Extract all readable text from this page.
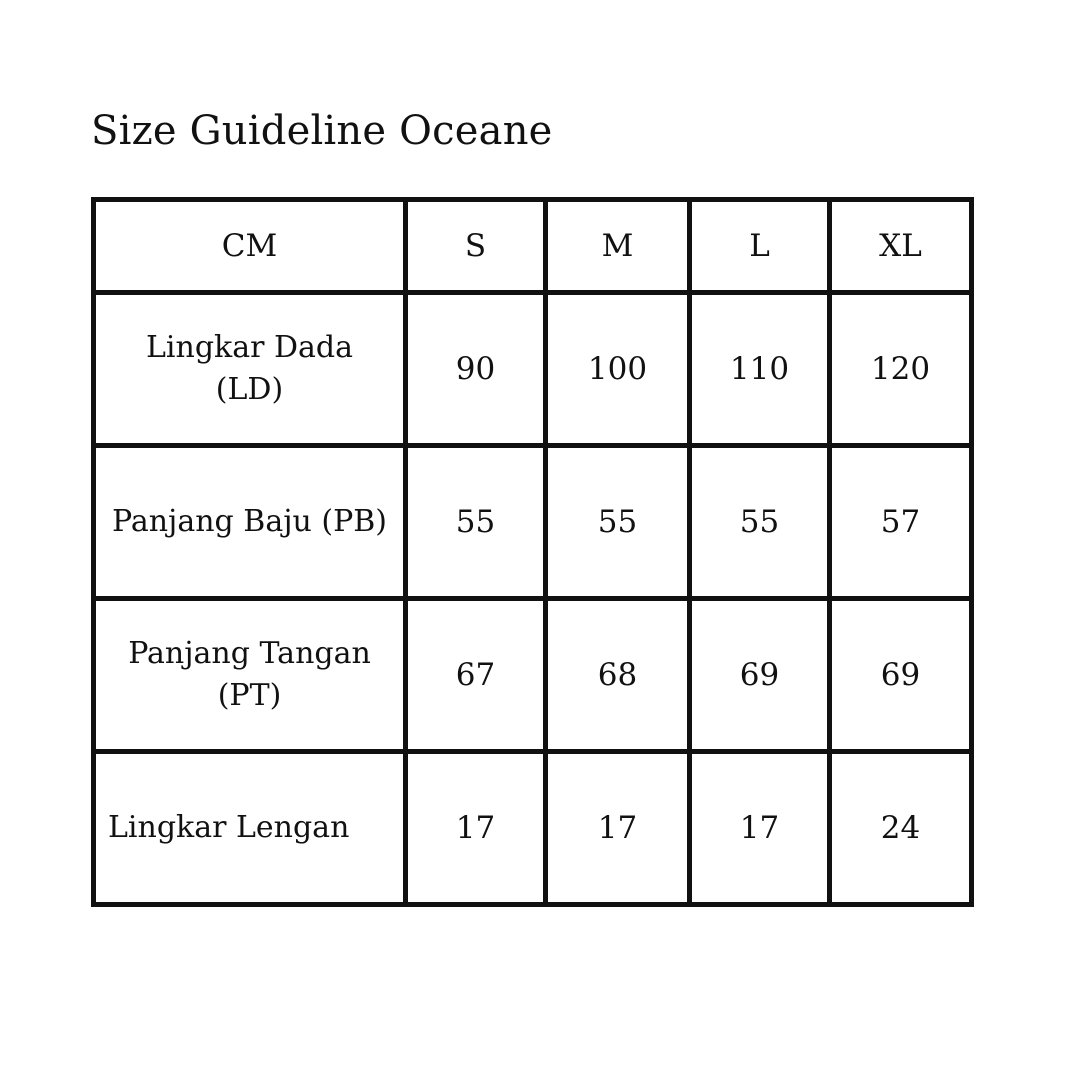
Size Guideline Oceane
CM	S	M	L	XL
Lingkar Dada
(LD)	90	100	110	120
Panjang Baju (PB)	55	55	55	57
Panjang Tangan
(PT)	67	68	69	69
Lingkar Lengan	17	17	17	24
